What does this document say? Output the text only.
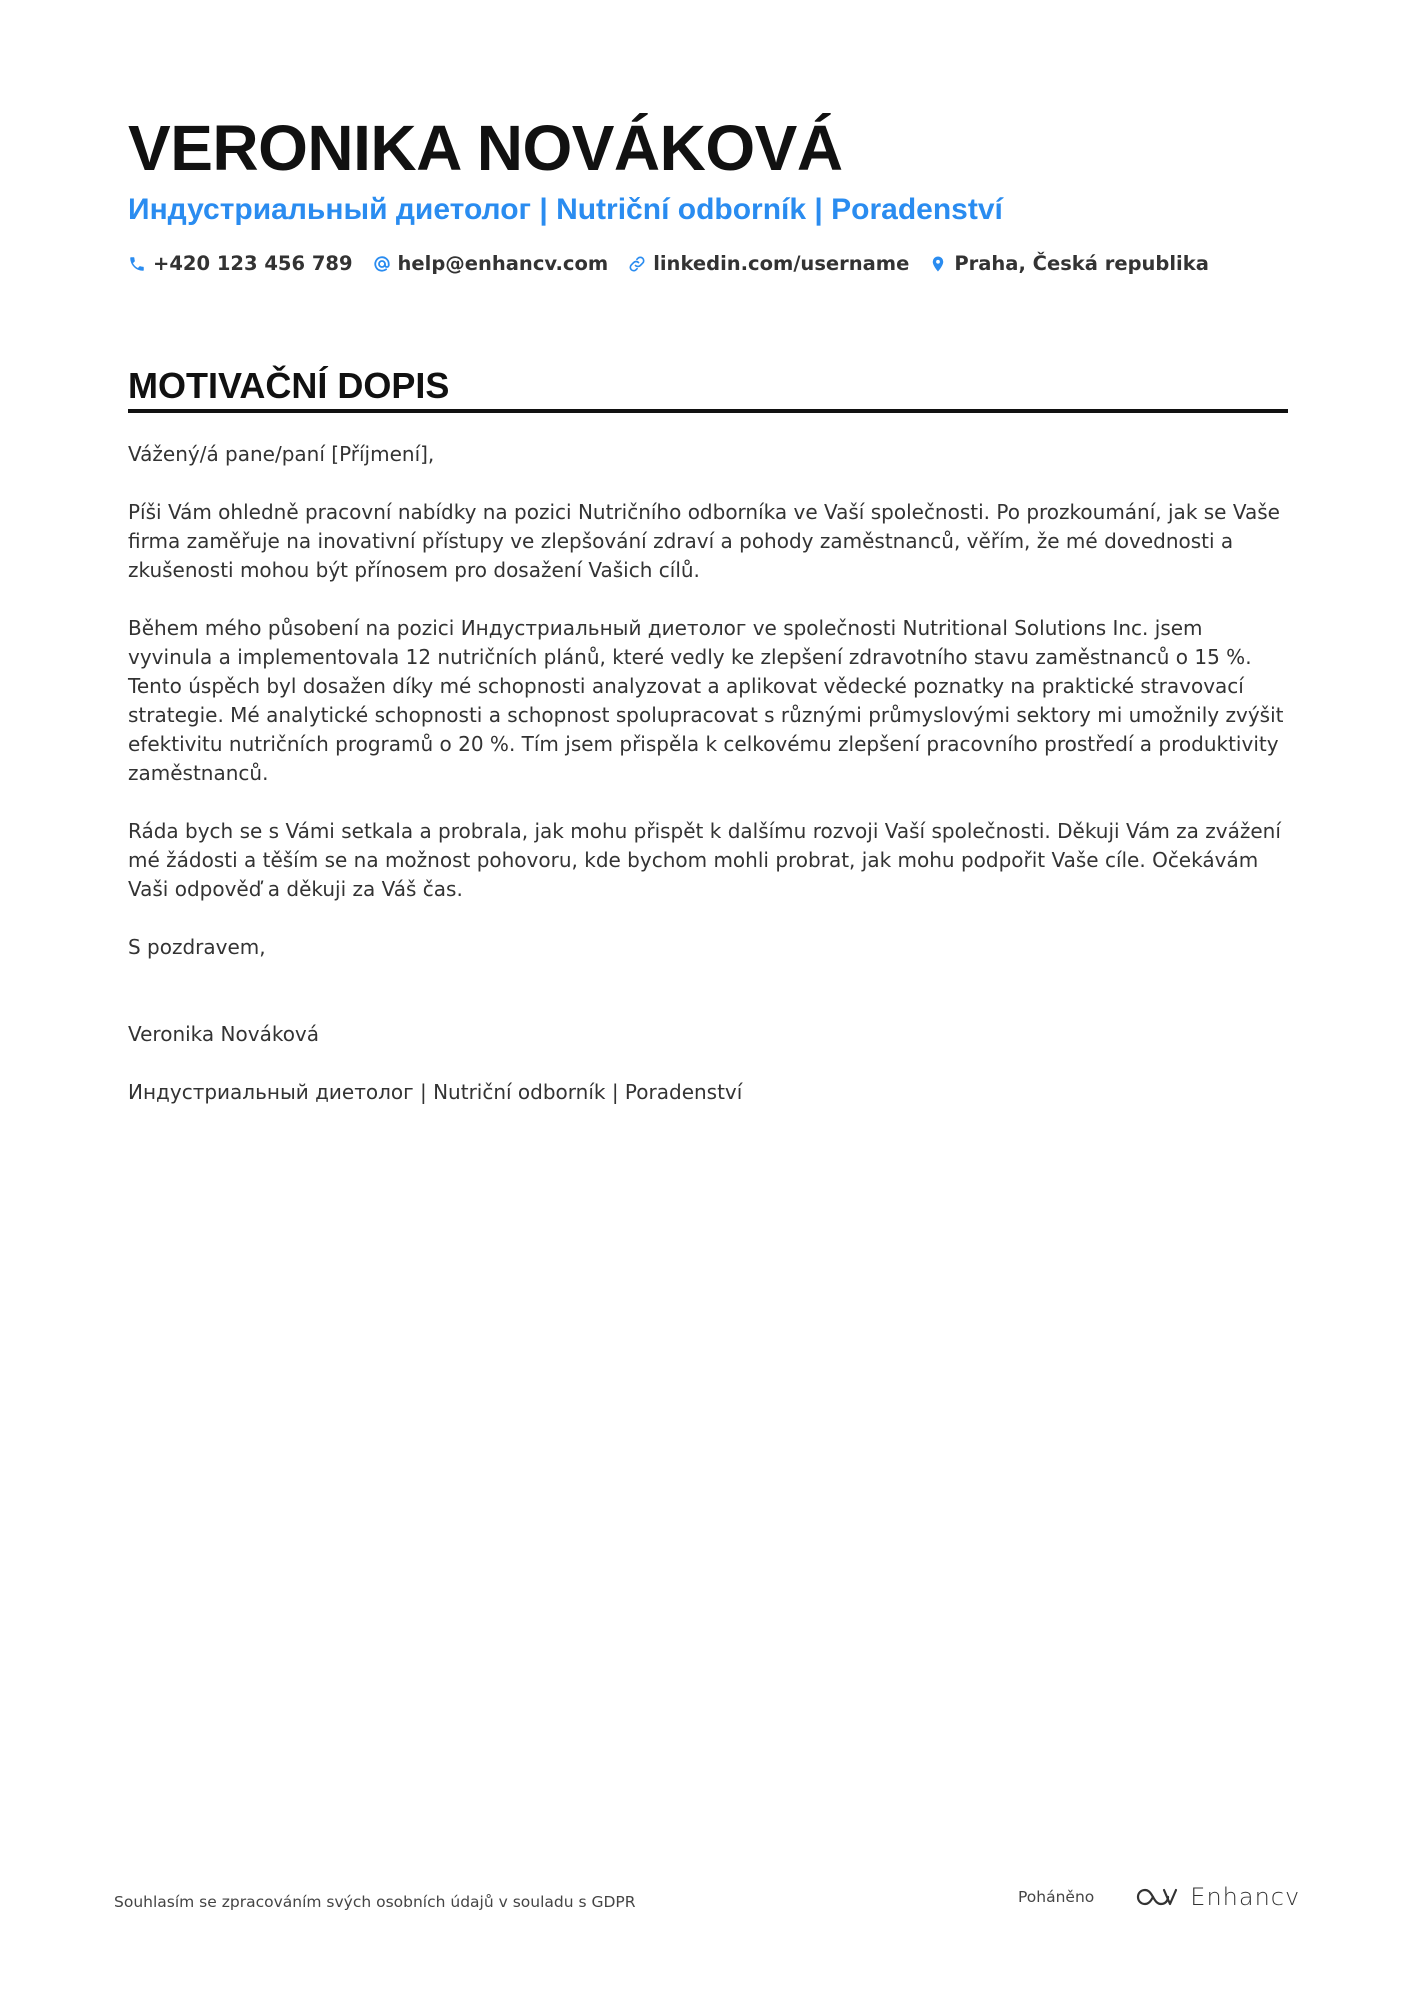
VERONIKA NOVÁKOVÁ
Индустриальный диетолог | Nutriční odborník | Poradenství
+420 123 456 789 help@enhancv.com linkedin.com/username Praha, Česká republika
MOTIVAČNÍ DOPIS

Vážený/á pane/paní [Příjmení],

Píši Vám ohledně pracovní nabídky na pozici Nutričního odborníka ve Vaší společnosti. Po prozkoumání, jak se Vaše firma zaměřuje na inovativní přístupy ve zlepšování zdraví a pohody zaměstnanců, věřím, že mé dovednosti a zkušenosti mohou být přínosem pro dosažení Vašich cílů.

Během mého působení na pozici Индустриальный диетолог ve společnosti Nutritional Solutions Inc. jsem vyvinula a implementovala 12 nutričních plánů, které vedly ke zlepšení zdravotního stavu zaměstnanců o 15 %. Tento úspěch byl dosažen díky mé schopnosti analyzovat a aplikovat vědecké poznatky na praktické stravovací strategie. Mé analytické schopnosti a schopnost spolupracovat s různými průmyslovými sektory mi umožnily zvýšit efektivitu nutričních programů o 20 %. Tím jsem přispěla k celkovému zlepšení pracovního prostředí a produktivity zaměstnanců.

Ráda bych se s Vámi setkala a probrala, jak mohu přispět k dalšímu rozvoji Vaší společnosti. Děkuji Vám za zvážení mé žádosti a těším se na možnost pohovoru, kde bychom mohli probrat, jak mohu podpořit Vaše cíle. Očekávám Vaši odpověď a děkuji za Váš čas.

S pozdravem,

Veronika Nováková

Индустриальный диетолог | Nutriční odborník | Poradenství

Souhlasím se zpracováním svých osobních údajů v souladu s GDPR	Poháněno	Enhancv
